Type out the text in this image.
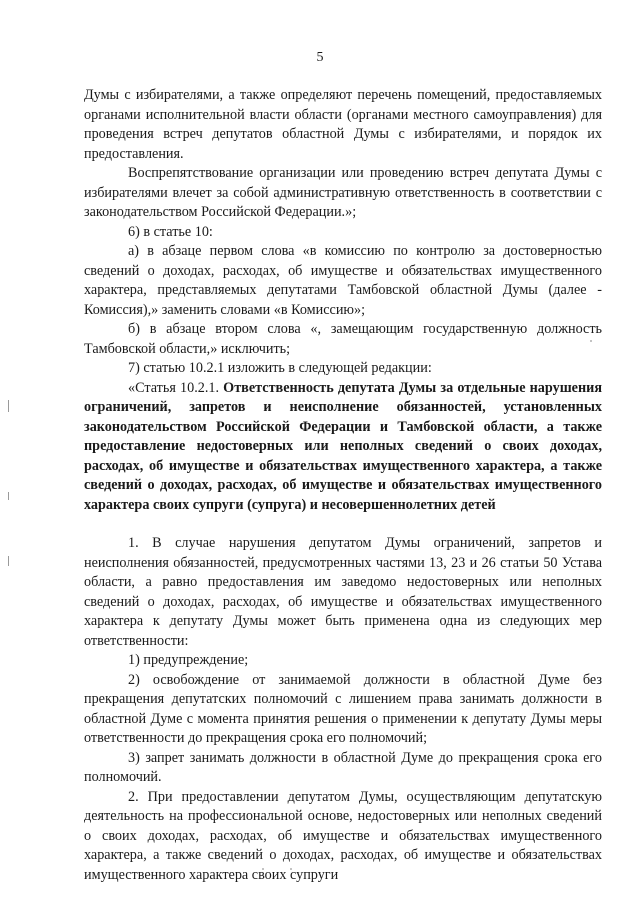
5

Думы с избирателями, а также определяют перечень помещений, предоставляемых органами исполнительной власти области (органами местного самоуправления) для проведения встреч депутатов областной Думы с избирателями, и порядок их предоставления.

Воспрепятствование организации или проведению встреч депутата Думы с избирателями влечет за собой административную ответственность в соответствии с законодательством Российской Федерации.»;

6) в статье 10:

а) в абзаце первом слова «в комиссию по контролю за достоверностью сведений о доходах, расходах, об имуществе и обязательствах имущественного характера, представляемых депутатами Тамбовской областной Думы (далее - Комиссия),» заменить словами «в Комиссию»;

б) в абзаце втором слова «, замещающим государственную должность Тамбовской области,» исключить;

7) статью 10.2.1 изложить в следующей редакции:

«Статья 10.2.1. Ответственность депутата Думы за отдельные нарушения ограничений, запретов и неисполнение обязанностей, установленных законодательством Российской Федерации и Тамбовской области, а также предоставление недостоверных или неполных сведений о своих доходах, расходах, об имуществе и обязательствах имущественного характера, а также сведений о доходах, расходах, об имуществе и обязательствах имущественного характера своих супруги (супруга) и несовершеннолетних детей

1. В случае нарушения депутатом Думы ограничений, запретов и неисполнения обязанностей, предусмотренных частями 13, 23 и 26 статьи 50 Устава области, а равно предоставления им заведомо недостоверных или неполных сведений о доходах, расходах, об имуществе и обязательствах имущественного характера к депутату Думы может быть применена одна из следующих мер ответственности:

1) предупреждение;

2) освобождение от занимаемой должности в областной Думе без прекращения депутатских полномочий с лишением права занимать должности в областной Думе с момента принятия решения о применении к депутату Думы меры ответственности до прекращения срока его полномочий;

3) запрет занимать должности в областной Думе до прекращения срока его полномочий.

2. При предоставлении депутатом Думы, осуществляющим депутатскую деятельность на профессиональной основе, недостоверных или неполных сведений о своих доходах, расходах, об имуществе и обязательствах имущественного характера, а также сведений о доходах, расходах, об имуществе и обязательствах имущественного характера своих супруги
